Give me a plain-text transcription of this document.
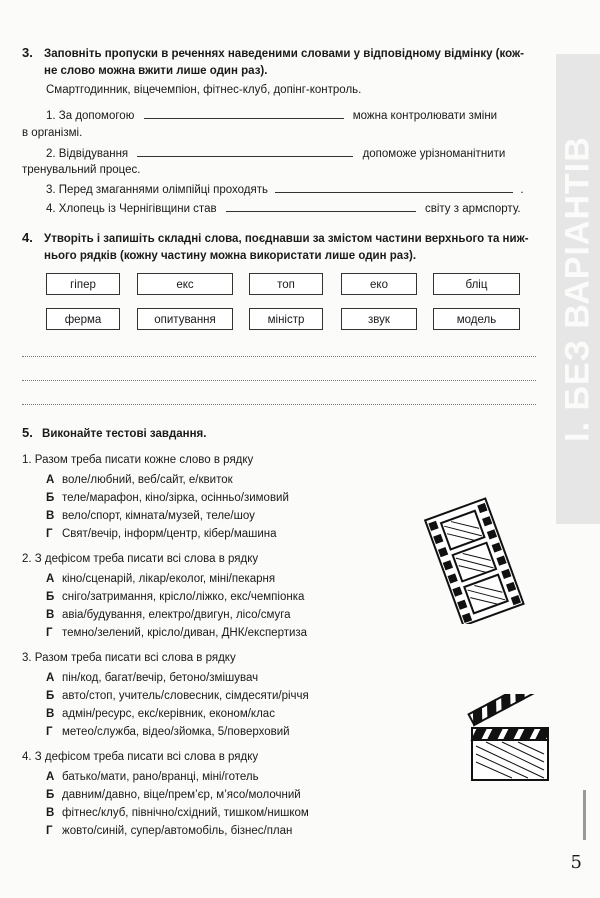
I. БЕЗ ВАРІАНТІВ
3. Заповніть пропуски в реченнях наведеними словами у відповідному відмінку (кож-
не слово можна вжити лише один раз).
Смартгодинник, віцечемпіон, фітнес-клуб, допінг-контроль.
1. За допомогою	можна контролювати зміни
в організмі.
2. Відвідування	допоможе урізноманітнити
тренувальний процес.
3. Перед змаганнями олімпійці проходять	.
4. Хлопець із Чернігівщини став	світу з армспорту.
4. Утворіть і запишіть складні слова, поєднавши за змістом частини верхнього та ниж-
нього рядків (кожну частину можна використати лише один раз).
гіпер	екс	топ	еко	бліц
ферма	опитування	міністр	звук	модель
5. Виконайте тестові завдання.
1. Разом треба писати кожне слово в рядку
А воле/любний, веб/сайт, е/квиток
Б теле/марафон, кіно/зірка, осінньо/зимовий
В вело/спорт, кімната/музей, теле/шоу
Г Свят/вечір, інформ/центр, кібер/машина
2. З дефісом треба писати всі слова в рядку
А кіно/сценарій, лікар/еколог, міні/пекарня
Б сніго/затримання, крісло/ліжко, екс/чемпіонка
В авіа/будування, електро/двигун, лісо/смуга
Г темно/зелений, крісло/диван, ДНК/експертиза
3. Разом треба писати всі слова в рядку
А пін/код, багат/вечір, бетоно/змішувач
Б авто/стоп, учитель/словесник, сімдесяти/річчя
В адмін/ресурс, екс/керівник, економ/клас
Г метео/служба, відео/зйомка, 5/поверховий
4. З дефісом треба писати всі слова в рядку
А батько/мати, рано/вранці, міні/готель
Б давним/давно, віце/прем’єр, м’ясо/молочний
В фітнес/клуб, північно/східний, тишком/нишком
Г жовто/синій, супер/автомобіль, бізнес/план
5
